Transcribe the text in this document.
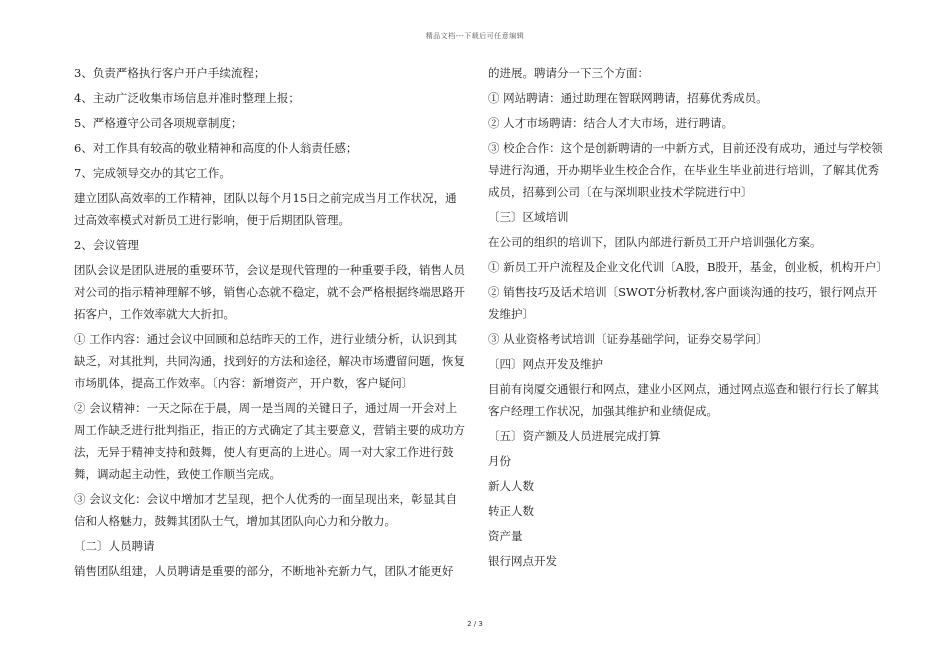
精品文档---下载后可任意编辑
3、负责严格执行客户开户手续流程；
4、主动广泛收集市场信息并准时整理上报；
5、严格遵守公司各项规章制度；
6、对工作具有较高的敬业精神和高度的仆人翁责任感；
7、完成领导交办的其它工作。
建立团队高效率的工作精神，团队以每个月15日之前完成当月工作状况，通过高效率模式对新员工进行影响，便于后期团队管理。
2、会议管理
团队会议是团队进展的重要环节，会议是现代管理的一种重要手段，销售人员对公司的指示精神理解不够，销售心态就不稳定，就不会严格根据终端思路开拓客户，工作效率就大大折扣。
① 工作内容：通过会议中回顾和总结昨天的工作，进行业绩分析，认识到其缺乏，对其批判，共同沟通，找到好的方法和途径，解决市场遭留问题，恢复市场肌体，提高工作效率。〔内容：新增资产，开户数，客户疑问〕
② 会议精神：一天之际在于晨，周一是当周的关键日子，通过周一开会对上周工作缺乏进行批判指正，指正的方式确定了其主要意义，营销主要的成功方法，无异于精神支持和鼓舞，使人有更高的上进心。周一对大家工作进行鼓舞，调动起主动性，致使工作顺当完成。
③ 会议文化：会议中增加才艺呈现，把个人优秀的一面呈现出来，彰显其自信和人格魅力，鼓舞其团队士气，增加其团队向心力和分散力。
〔二〕人员聘请
销售团队组建，人员聘请是重要的部分，不断地补充新力气，团队才能更好
的进展。聘请分一下三个方面：
① 网站聘请：通过助理在智联网聘请，招募优秀成员。
② 人才市场聘请：结合人才大市场，进行聘请。
③ 校企合作：这个是创新聘请的一中新方式，目前还没有成功，通过与学校领导进行沟通，开办期毕业生校企合作，在毕业生毕业前进行培训，了解其优秀成员，招募到公司〔在与深圳职业技术学院进行中〕
〔三〕区域培训
在公司的组织的培训下，团队内部进行新员工开户培训强化方案。
① 新员工开户流程及企业文化代训〔A股，B股开，基金，创业板，机构开户〕
② 销售技巧及话术培训〔SWOT分析教材,客户面谈沟通的技巧，银行网点开发维护〕
③ 从业资格考试培训〔证券基础学问，证券交易学问〕
〔四〕网点开发及维护
目前有岗厦交通银行和网点，建业小区网点，通过网点巡查和银行行长了解其客户经理工作状况，加强其维护和业绩促成。
〔五〕资产额及人员进展完成打算
月份
新人人数
转正人数
资产量
银行网点开发
2 / 3
